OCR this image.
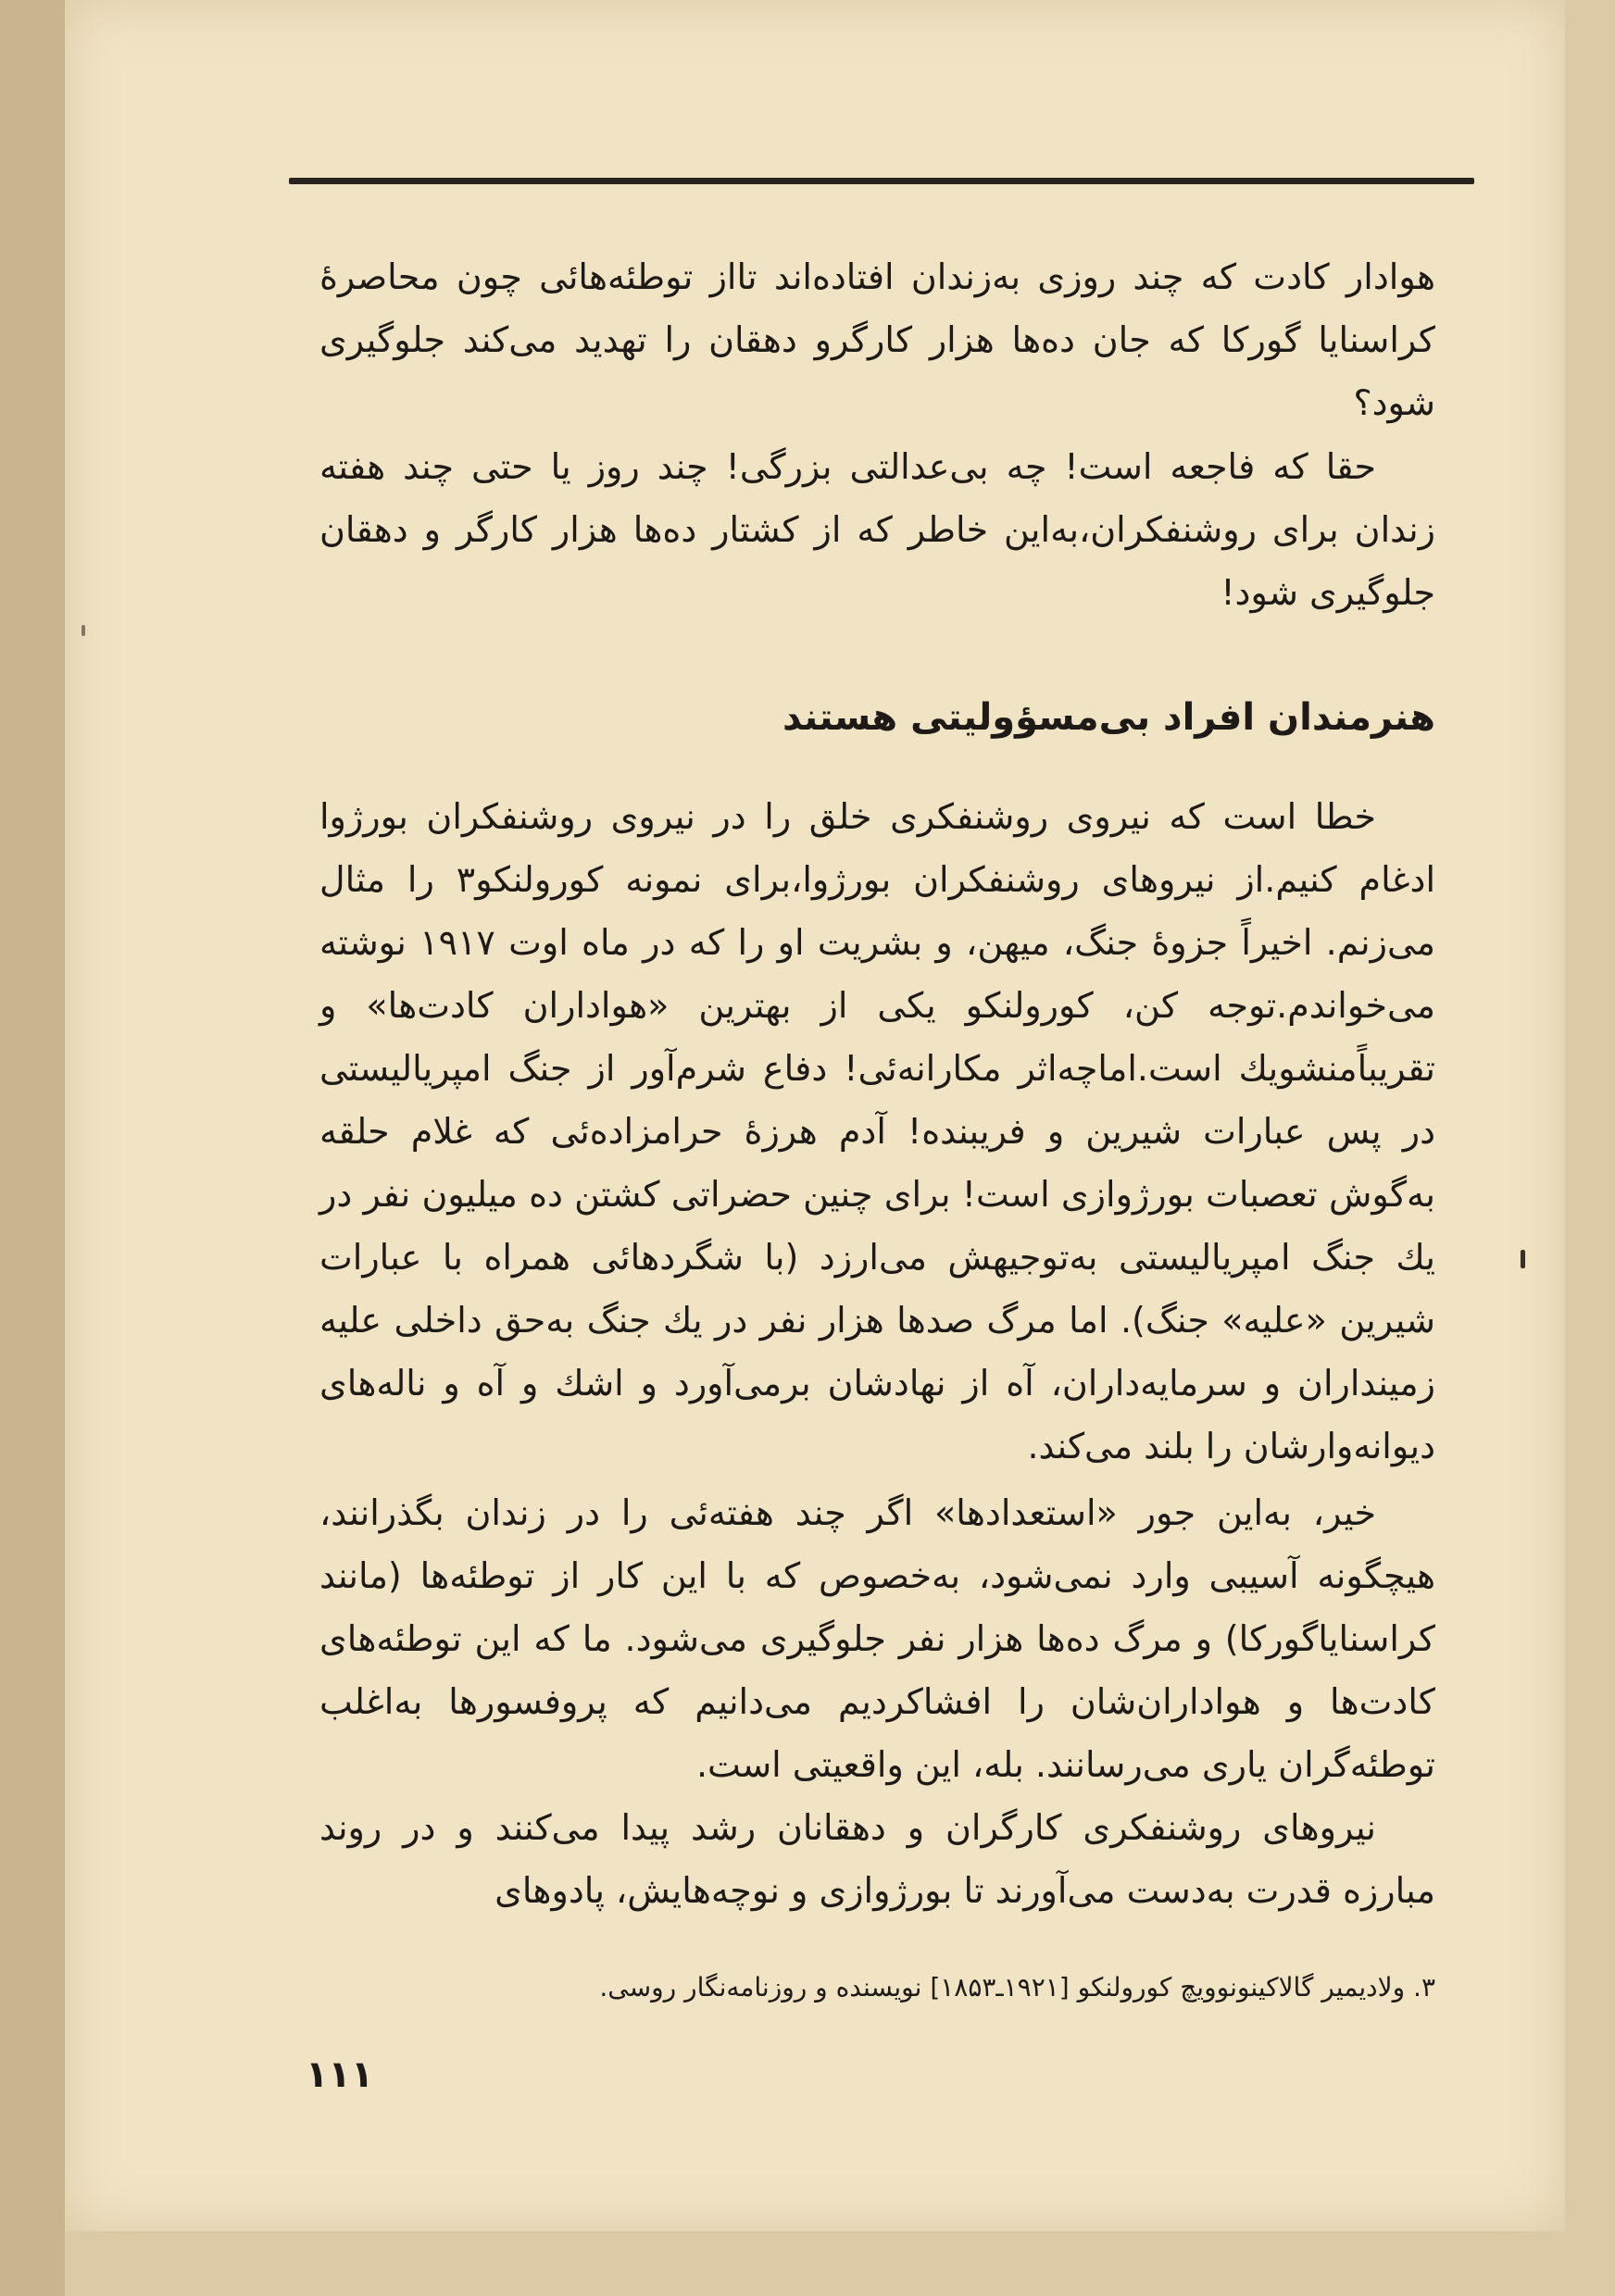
هوادار کادت که چند روزی به‌زندان افتاده‌اند تااز توطئه‌هائی چون محاصرهٔ کراسنایا گورکا که جان ده‌ها هزار کارگرو دهقان را تهدید می‌کند جلوگیری شود؟

حقا که فاجعه است! چه بی‌عدالتی بزرگی! چند روز یا حتی چند هفته زندان برای روشنفکران،به‌این خاطر که از کشتار ده‌ها هزار کارگر و دهقان جلوگیری شود!

هنرمندان افراد بی‌مسؤولیتی هستند

خطا است که نیروی روشنفکری خلق را در نیروی روشنفکران بورژوا ادغام کنیم.از نیروهای روشنفکران بورژوا،برای نمونه کورولنکو۳ را مثال می‌زنم. اخیراً جزوهٔ جنگ، میهن، و بشریت او را که در ماه اوت ۱۹۱۷ نوشته می‌خواندم.توجه کن، کورولنکو یکی از بهترین «هواداران کادت‌ها» و تقریباًمنشویك است.اماچه‌اثر مکارانه‌ئی! دفاع شرم‌آور از جنگ امپریالیستی در پس عبارات شیرین و فریبنده! آدم هرزهٔ حرامزاده‌ئی که غلام حلقه به‌گوش تعصبات بورژوازی است! برای چنین حضراتی کشتن ده میلیون نفر در یك جنگ امپریالیستی به‌توجیهش می‌ارزد (با شگردهائی همراه با عبارات شیرین «علیه» جنگ). اما مرگ صدها هزار نفر در یك جنگ به‌حق داخلی علیه زمینداران و سرمایه‌داران، آه از نهادشان برمی‌آورد و اشك و آه و ناله‌های دیوانه‌وارشان را بلند می‌کند.

خیر، به‌این جور «استعدادها» اگر چند هفته‌ئی را در زندان بگذرانند، هیچگونه آسیبی وارد نمی‌شود، به‌خصوص که با این کار از توطئه‌ها (مانند کراسنایاگورکا) و مرگ ده‌ها هزار نفر جلوگیری می‌شود. ما که این توطئه‌های کادت‌ها و هواداران‌شان را افشاکردیم می‌دانیم که پروفسورها به‌اغلب توطئه‌گران یاری می‌رسانند. بله، این واقعیتی است.

نیروهای روشنفکری کارگران و دهقانان رشد پیدا می‌کنند و در روند مبارزه قدرت به‌دست می‌آورند تا بورژوازی و نوچه‌هایش، پادوهای

۳. ولادیمیر گالاکینونوویچ کورولنکو [۱۹۲۱ـ۱۸۵۳] نویسنده و روزنامه‌نگار روسی.
۱۱۱
